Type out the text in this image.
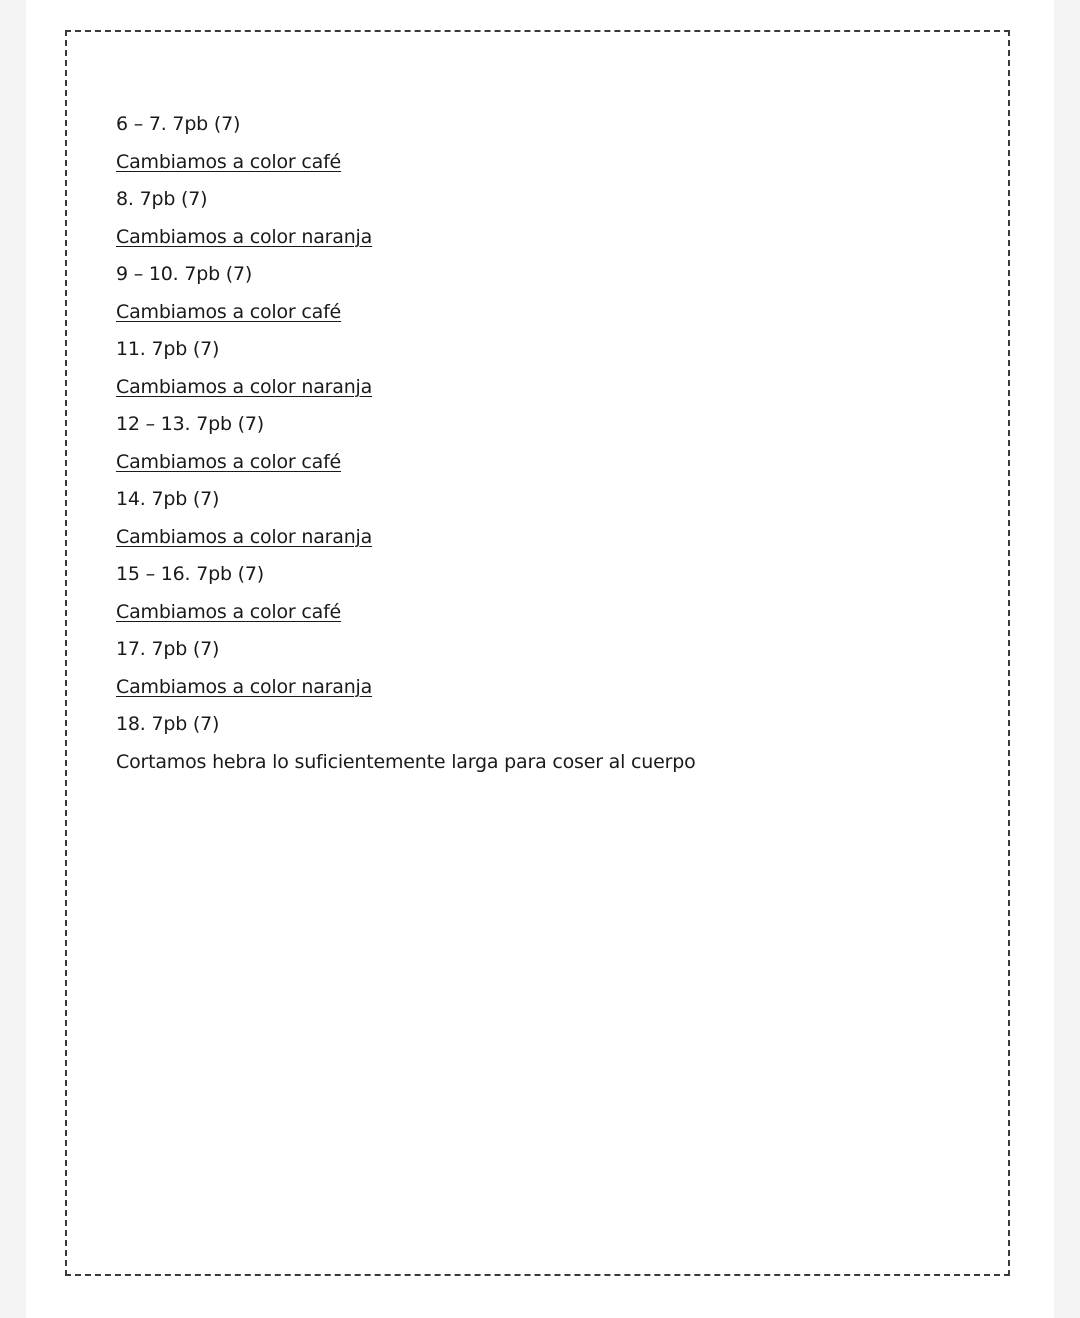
6 – 7. 7pb (7)
Cambiamos a color café
8. 7pb (7)
Cambiamos a color naranja
9 – 10. 7pb (7)
Cambiamos a color café
11. 7pb (7)
Cambiamos a color naranja
12 – 13. 7pb (7)
Cambiamos a color café
14. 7pb (7)
Cambiamos a color naranja
15 – 16. 7pb (7)
Cambiamos a color café
17. 7pb (7)
Cambiamos a color naranja
18. 7pb (7)
Cortamos hebra lo suficientemente larga para coser al cuerpo
